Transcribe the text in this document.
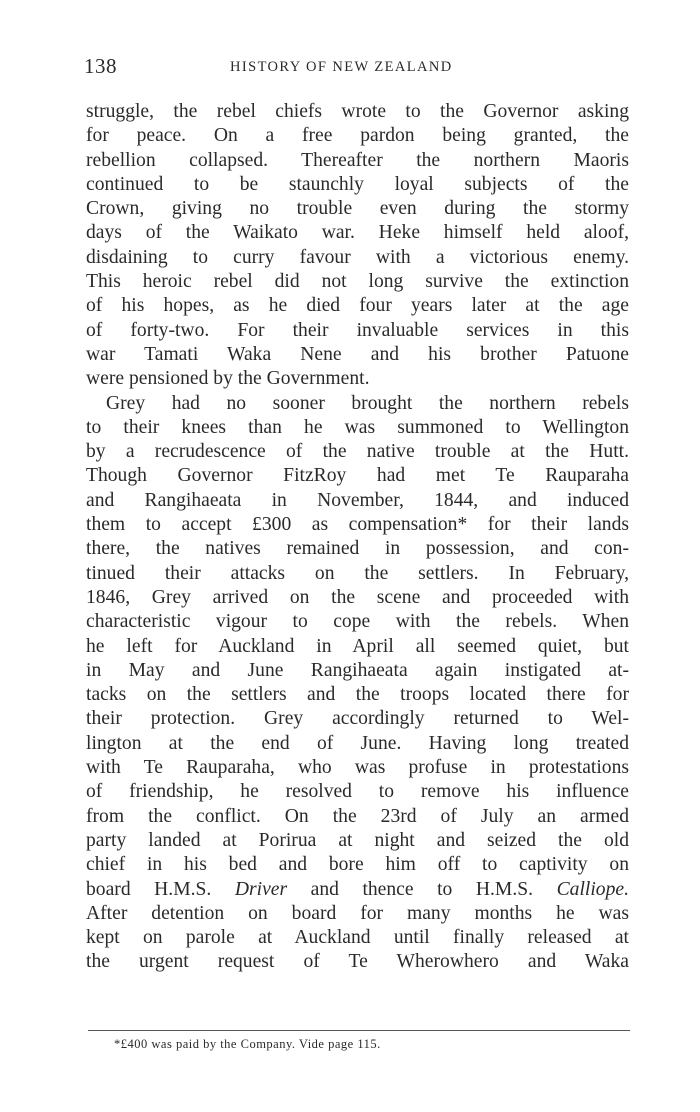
138	HISTORY OF NEW ZEALAND
struggle, the rebel chiefs wrote to the Governor asking
for peace. On a free pardon being granted, the
rebellion collapsed. Thereafter the northern Maoris
continued to be staunchly loyal subjects of the
Crown, giving no trouble even during the stormy
days of the Waikato war. Heke himself held aloof,
disdaining to curry favour with a victorious enemy.
This heroic rebel did not long survive the extinction
of his hopes, as he died four years later at the age
of forty-two. For their invaluable services in this
war Tamati Waka Nene and his brother Patuone
were pensioned by the Government.
Grey had no sooner brought the northern rebels
to their knees than he was summoned to Wellington
by a recrudescence of the native trouble at the Hutt.
Though Governor FitzRoy had met Te Rauparaha
and Rangihaeata in November, 1844, and induced
them to accept £300 as compensation* for their lands
there, the natives remained in possession, and con-
tinued their attacks on the settlers. In February,
1846, Grey arrived on the scene and proceeded with
characteristic vigour to cope with the rebels. When
he left for Auckland in April all seemed quiet, but
in May and June Rangihaeata again instigated at-
tacks on the settlers and the troops located there for
their protection. Grey accordingly returned to Wel-
lington at the end of June. Having long treated
with Te Rauparaha, who was profuse in protestations
of friendship, he resolved to remove his influence
from the conflict. On the 23rd of July an armed
party landed at Porirua at night and seized the old
chief in his bed and bore him off to captivity on
board H.M.S. Driver and thence to H.M.S. Calliope.
After detention on board for many months he was
kept on parole at Auckland until finally released at
the urgent request of Te Wherowhero and Waka
*£400 was paid by the Company. Vide page 115.
